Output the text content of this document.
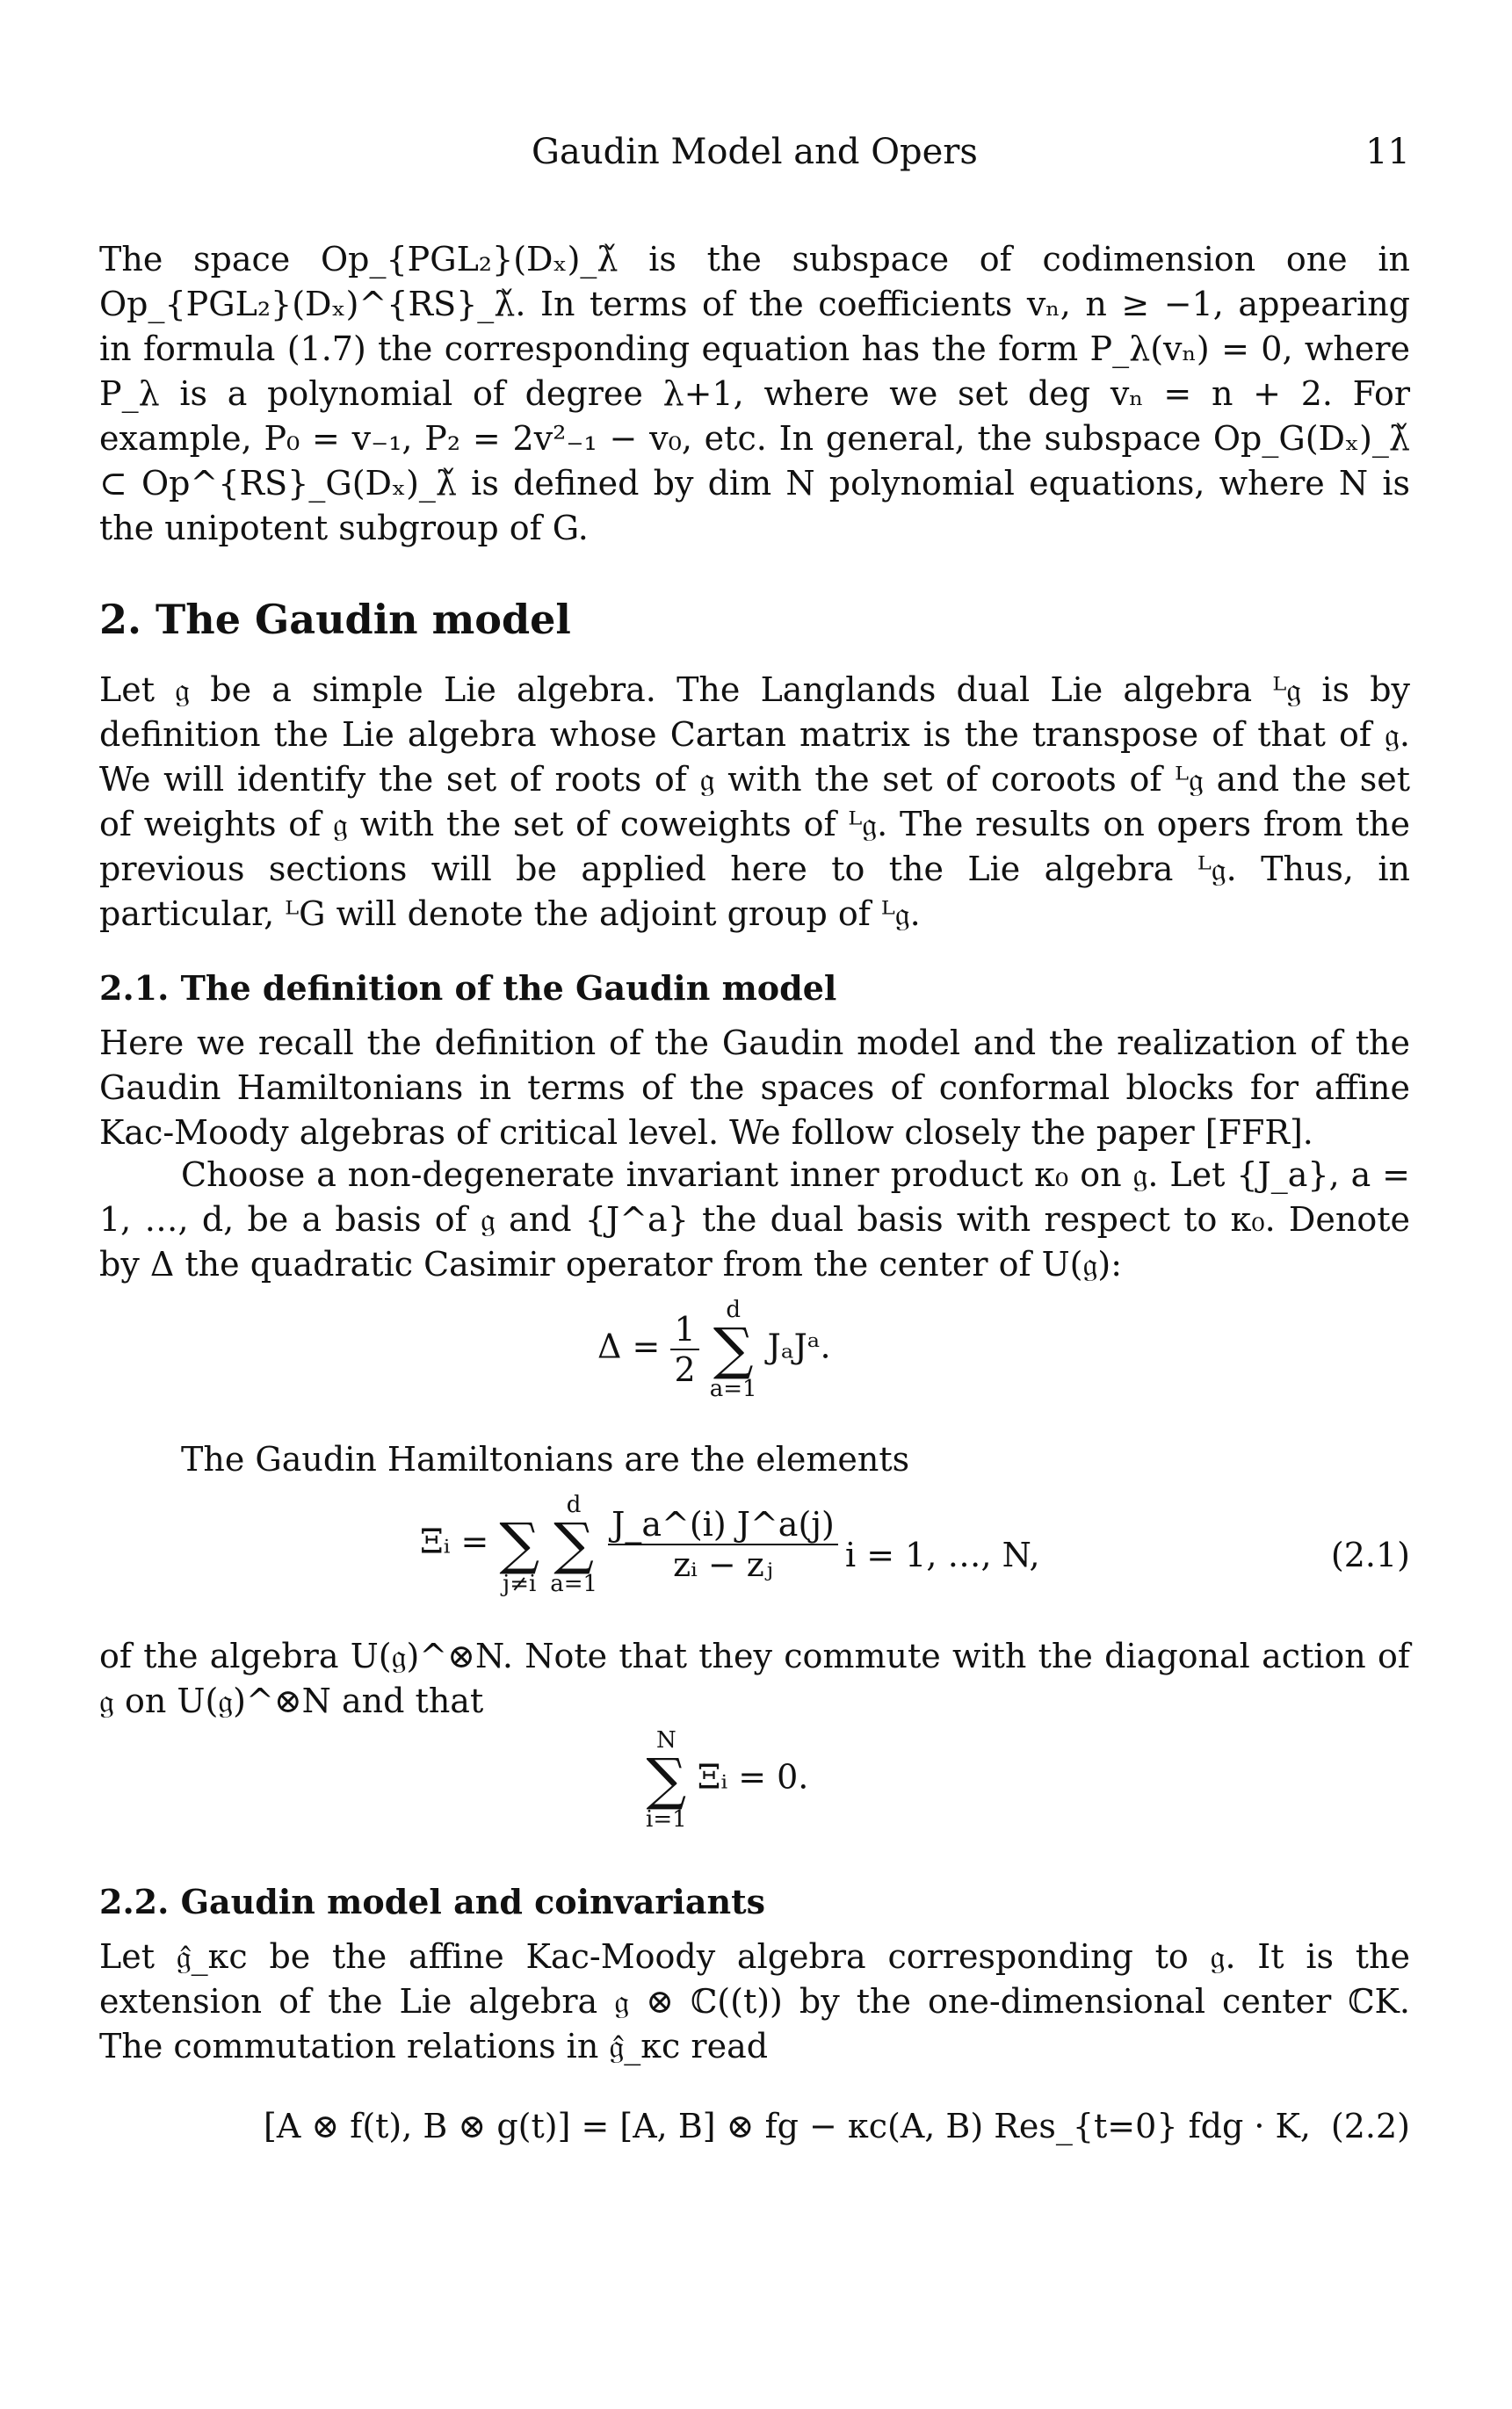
Gaudin Model and Opers	11
The space Op_{PGL₂}(Dₓ)_λ̌ is the subspace of codimension one in Op_{PGL₂}(Dₓ)^{RS}_λ̌. In terms of the coefficients vₙ, n ≥ −1, appearing in formula (1.7) the corresponding equation has the form P_λ(vₙ) = 0, where P_λ is a polynomial of degree λ+1, where we set deg vₙ = n + 2. For example, P₀ = v₋₁, P₂ = 2v²₋₁ − v₀, etc. In general, the subspace Op_G(Dₓ)_λ̌ ⊂ Op^{RS}_G(Dₓ)_λ̌ is defined by dim N polynomial equations, where N is the unipotent subgroup of G.
2. The Gaudin model
Let 𝔤 be a simple Lie algebra. The Langlands dual Lie algebra ᴸ𝔤 is by definition the Lie algebra whose Cartan matrix is the transpose of that of 𝔤. We will identify the set of roots of 𝔤 with the set of coroots of ᴸ𝔤 and the set of weights of 𝔤 with the set of coweights of ᴸ𝔤. The results on opers from the previous sections will be applied here to the Lie algebra ᴸ𝔤. Thus, in particular, ᴸG will denote the adjoint group of ᴸ𝔤.
2.1. The definition of the Gaudin model
Here we recall the definition of the Gaudin model and the realization of the Gaudin Hamiltonians in terms of the spaces of conformal blocks for affine Kac-Moody algebras of critical level. We follow closely the paper [FFR].
Choose a non-degenerate invariant inner product κ₀ on 𝔤. Let {J_a}, a = 1, …, d, be a basis of 𝔤 and {J^a} the dual basis with respect to κ₀. Denote by Δ the quadratic Casimir operator from the center of U(𝔤):
$\Delta = \frac{1}{2}$
	d
∑
a=1
JₐJᵃ.
The Gaudin Hamiltonians are the elements
Ξᵢ =
∑
j≠i

d
∑
a=1
$\frac{J\_a\^{}(i) J\^{}a(j)}{\text{zᵢ − zⱼ}}$ i = 1, …, N,	(2.1)
of the algebra U(𝔤)^⊗N. Note that they commute with the diagonal action of 𝔤 on U(𝔤)^⊗N and that
N
∑
i=1
Ξᵢ = 0.
2.2. Gaudin model and coinvariants
Let 𝔤̂_κc be the affine Kac-Moody algebra corresponding to 𝔤. It is the extension of the Lie algebra 𝔤 ⊗ ℂ((t)) by the one-dimensional center ℂK. The commutation relations in 𝔤̂_κc read
[A ⊗ f(t), B ⊗ g(t)] = [A, B] ⊗ fg − κc(A, B) Res_{t=0} fdg · K, (2.2)
